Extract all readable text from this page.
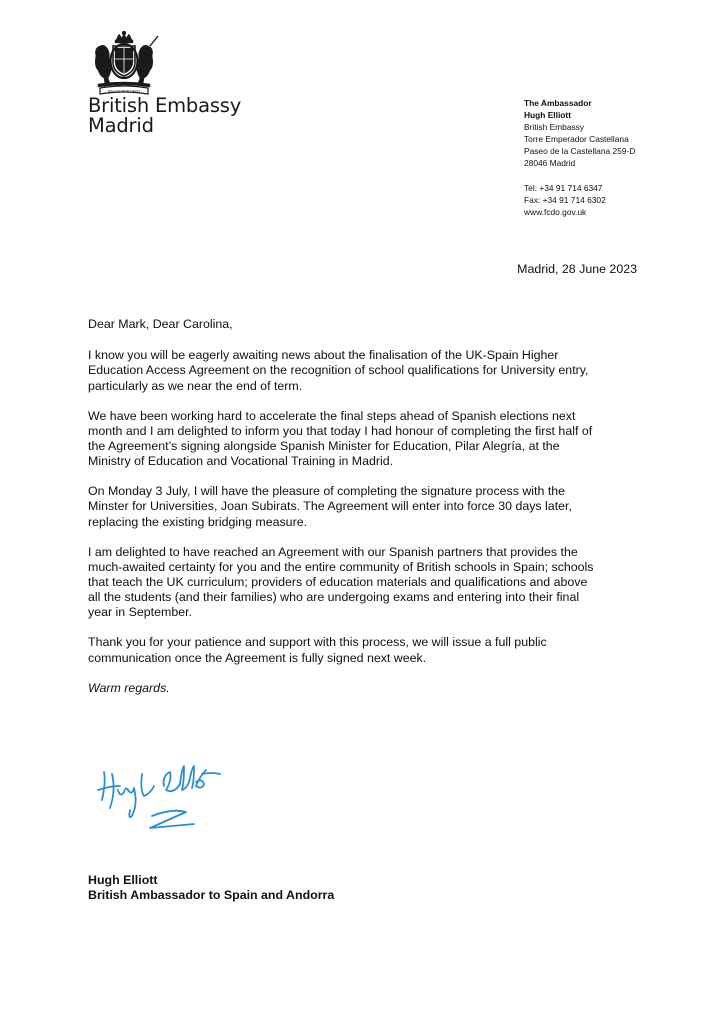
DIEU ET MON DROIT
British Embassy
Madrid
The Ambassador
Hugh Elliott
British Embassy
Torre Emperador Castellana
Paseo de la Castellana 259-D
28046 Madrid
Tel: +34 91 714 6347
Fax: +34 91 714 6302
www.fcdo.gov.uk
Madrid, 28 June 2023

Dear Mark, Dear Carolina,

I know you will be eagerly awaiting news about the finalisation of the UK-Spain Higher
Education Access Agreement on the recognition of school qualifications for University entry,
particularly as we near the end of term.

We have been working hard to accelerate the final steps ahead of Spanish elections next
month and I am delighted to inform you that today I had honour of completing the first half of
the Agreement’s signing alongside Spanish Minister for Education, Pilar Alegría, at the
Ministry of Education and Vocational Training in Madrid.

On Monday 3 July, I will have the pleasure of completing the signature process with the
Minster for Universities, Joan Subirats. The Agreement will enter into force 30 days later,
replacing the existing bridging measure.

I am delighted to have reached an Agreement with our Spanish partners that provides the
much-awaited certainty for you and the entire community of British schools in Spain; schools
that teach the UK curriculum; providers of education materials and qualifications and above
all the students (and their families) who are undergoing exams and entering into their final
year in September.

Thank you for your patience and support with this process, we will issue a full public
communication once the Agreement is fully signed next week.

Warm regards.

Hugh Elliott
British Ambassador to Spain and Andorra
